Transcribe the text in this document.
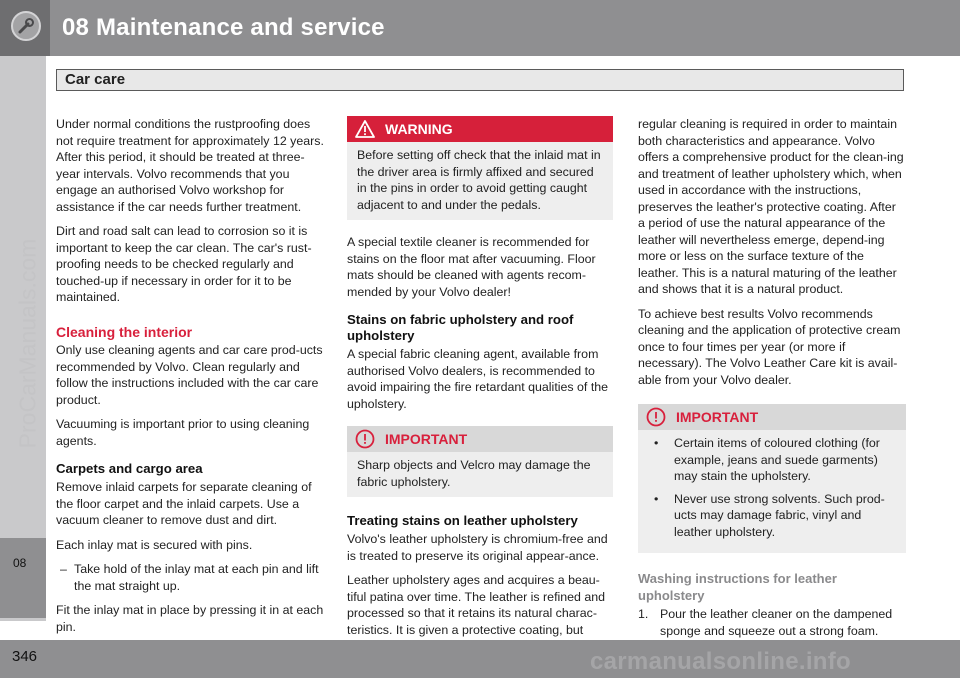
08 Maintenance and service
Car care
08
ProCarManuals.com

Under normal conditions the rustproofing does not require treatment for approximately 12 years. After this period, it should be treated at three-year intervals. Volvo recommends that you engage an authorised Volvo workshop for assistance if the car needs further treatment.

Dirt and road salt can lead to corrosion so it is important to keep the car clean. The car's rust-proofing needs to be checked regularly and touched-up if necessary in order for it to be maintained.

Cleaning the interior

Only use cleaning agents and car care prod-ucts recommended by Volvo. Clean regularly and follow the instructions included with the car care product.

Vacuuming is important prior to using cleaning agents.

Carpets and cargo area

Remove inlaid carpets for separate cleaning of the floor carpet and the inlaid carpets. Use a vacuum cleaner to remove dust and dirt.

Each inlay mat is secured with pins.

– Take hold of the inlay mat at each pin and lift the mat straight up.

Fit the inlay mat in place by pressing it in at each pin.

WARNING
Before setting off check that the inlaid mat in the driver area is firmly affixed and secured in the pins in order to avoid getting caught adjacent to and under the pedals.

A special textile cleaner is recommended for stains on the floor mat after vacuuming. Floor mats should be cleaned with agents recom-mended by your Volvo dealer!

Stains on fabric upholstery and roof upholstery

A special fabric cleaning agent, available from authorised Volvo dealers, is recommended to avoid impairing the fire retardant qualities of the upholstery.

IMPORTANT
Sharp objects and Velcro may damage the fabric upholstery.
Treating stains on leather upholstery

Volvo's leather upholstery is chromium-free and is treated to preserve its original appear-ance.

Leather upholstery ages and acquires a beau-tiful patina over time. The leather is refined and processed so that it retains its natural charac-teristics. It is given a protective coating, but

regular cleaning is required in order to maintain both characteristics and appearance. Volvo offers a comprehensive product for the clean-ing and treatment of leather upholstery which, when used in accordance with the instructions, preserves the leather's protective coating. After a period of use the natural appearance of the leather will nevertheless emerge, depend-ing more or less on the surface texture of the leather. This is a natural maturing of the leather and shows that it is a natural product.

To achieve best results Volvo recommends cleaning and the application of protective cream once to four times per year (or more if necessary). The Volvo Leather Care kit is avail-able from your Volvo dealer.

IMPORTANT
• Certain items of coloured clothing (for example, jeans and suede garments) may stain the upholstery.
• Never use strong solvents. Such prod-ucts may damage fabric, vinyl and leather upholstery.
Washing instructions for leather upholstery
1. Pour the leather cleaner on the dampened sponge and squeeze out a strong foam.
346	carmanualsonline.info
